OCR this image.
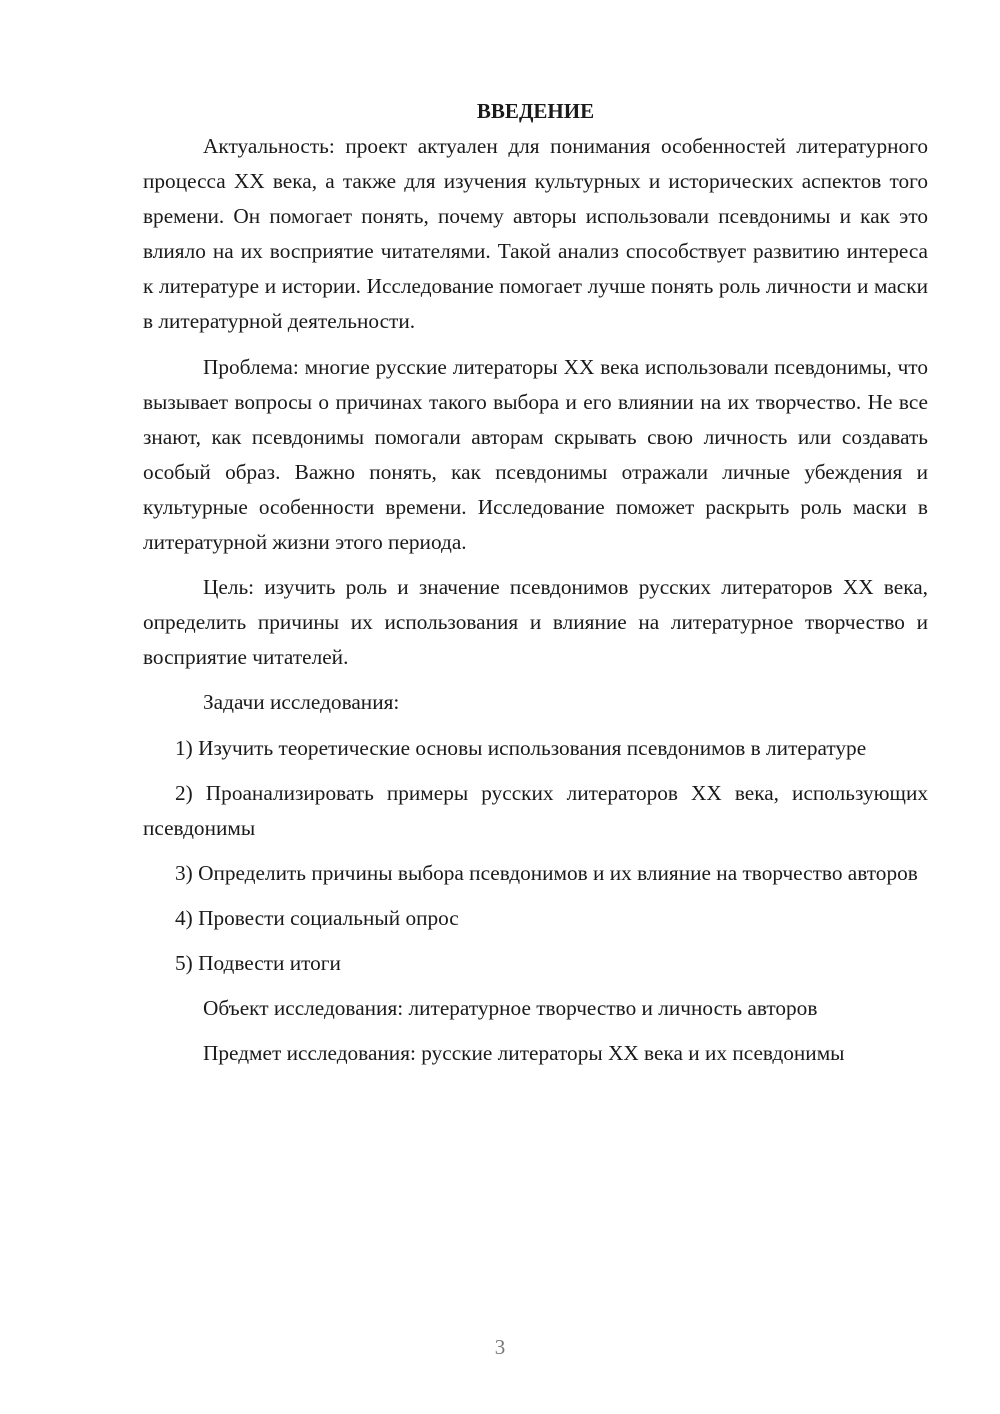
ВВЕДЕНИЕ

Актуальность: проект актуален для понимания особенностей литературного процесса XX века, а также для изучения культурных и исторических аспектов того времени. Он помогает понять, почему авторы использовали псевдонимы и как это влияло на их восприятие читателями. Такой анализ способствует развитию интереса к литературе и истории. Исследование помогает лучше понять роль личности и маски в литературной деятельности.

Проблема: многие русские литераторы XX века использовали псевдонимы, что вызывает вопросы о причинах такого выбора и его влиянии на их творчество. Не все знают, как псевдонимы помогали авторам скрывать свою личность или создавать особый образ. Важно понять, как псевдонимы отражали личные убеждения и культурные особенности времени. Исследование поможет раскрыть роль маски в литературной жизни этого периода.

Цель: изучить роль и значение псевдонимов русских литераторов XX века, определить причины их использования и влияние на литературное творчество и восприятие читателей.

Задачи исследования:

1) Изучить теоретические основы использования псевдонимов в литературе

2) Проанализировать примеры русских литераторов XX века, использующих псевдонимы

3) Определить причины выбора псевдонимов и их влияние на творчество авторов

4) Провести социальный опрос

5) Подвести итоги

Объект исследования: литературное творчество и личность авторов

Предмет исследования: русские литераторы XX века и их псевдонимы

3
